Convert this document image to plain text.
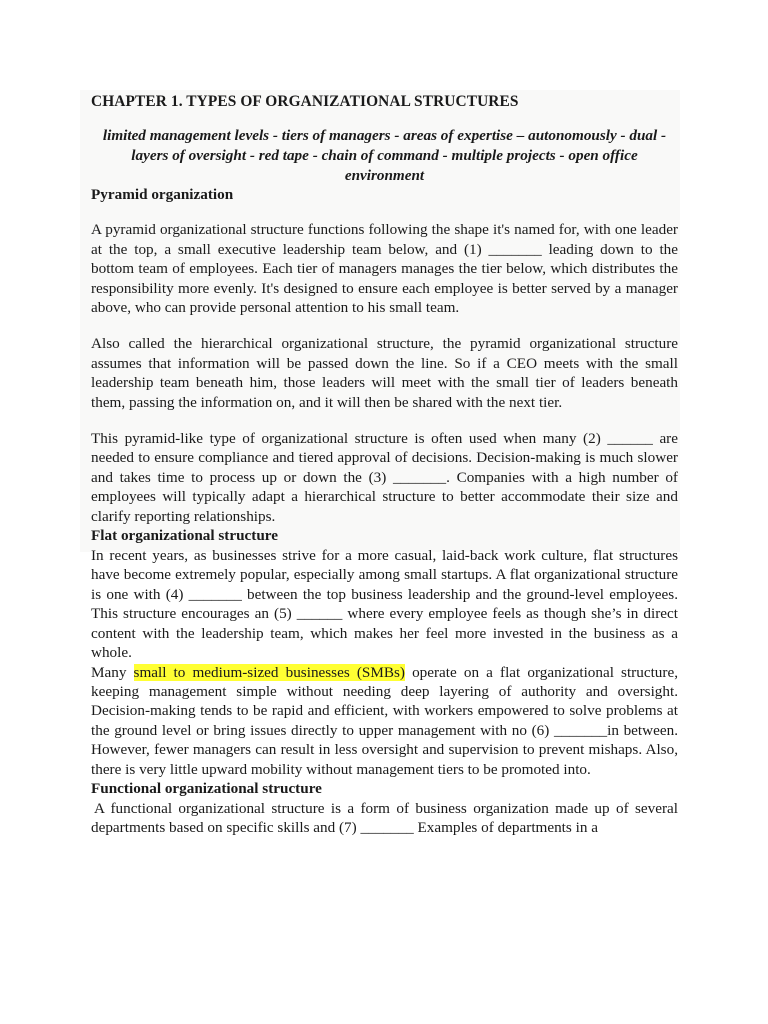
CHAPTER 1. TYPES OF ORGANIZATIONAL STRUCTURES
limited management levels - tiers of managers - areas of expertise – autonomously - dual - layers of oversight - red tape - chain of command - multiple projects - open office environment
Pyramid organization

A pyramid organizational structure functions following the shape it's named for, with one leader at the top, a small executive leadership team below, and (1) _______ leading down to the bottom team of employees. Each tier of managers manages the tier below, which distributes the responsibility more evenly. It's designed to ensure each employee is better served by a manager above, who can provide personal attention to his small team.

Also called the hierarchical organizational structure, the pyramid organizational structure assumes that information will be passed down the line. So if a CEO meets with the small leadership team beneath him, those leaders will meet with the small tier of leaders beneath them, passing the information on, and it will then be shared with the next tier.

This pyramid-like type of organizational structure is often used when many (2) ______ are needed to ensure compliance and tiered approval of decisions. Decision-making is much slower and takes time to process up or down the (3) _______. Companies with a high number of employees will typically adapt a hierarchical structure to better accommodate their size and clarify reporting relationships.

Flat organizational structure

In recent years, as businesses strive for a more casual, laid-back work culture, flat structures have become extremely popular, especially among small startups. A flat organizational structure is one with (4) _______ between the top business leadership and the ground-level employees. This structure encourages an (5) ______ where every employee feels as though she’s in direct content with the leadership team, which makes her feel more invested in the business as a whole.

Many small to medium-sized businesses (SMBs) operate on a flat organizational structure, keeping management simple without needing deep layering of authority and oversight. Decision-making tends to be rapid and efficient, with workers empowered to solve problems at the ground level or bring issues directly to upper management with no (6) _______in between. However, fewer managers can result in less oversight and supervision to prevent mishaps. Also, there is very little upward mobility without management tiers to be promoted into.

Functional organizational structure

A functional organizational structure is a form of business organization made up of several departments based on specific skills and (7) _______ Examples of departments in a
